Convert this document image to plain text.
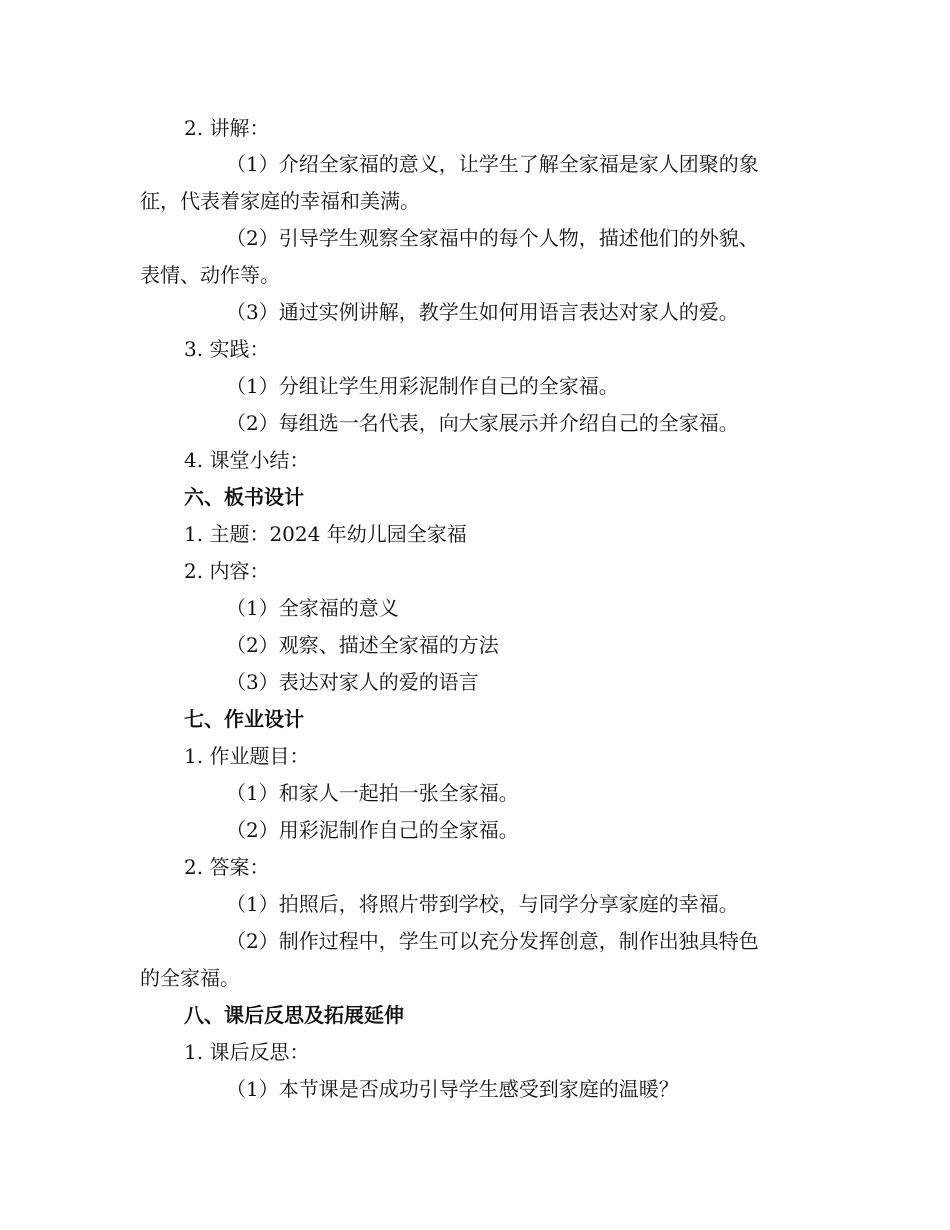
2. 讲解：
（1）介绍全家福的意义，让学生了解全家福是家人团聚的象
征，代表着家庭的幸福和美满。
（2）引导学生观察全家福中的每个人物，描述他们的外貌、
表情、动作等。
（3）通过实例讲解，教学生如何用语言表达对家人的爱。
3. 实践：
（1）分组让学生用彩泥制作自己的全家福。
（2）每组选一名代表，向大家展示并介绍自己的全家福。
4. 课堂小结：
六、板书设计
1. 主题：2024 年幼儿园全家福
2. 内容：
（1）全家福的意义
（2）观察、描述全家福的方法
（3）表达对家人的爱的语言
七、作业设计
1. 作业题目：
（1）和家人一起拍一张全家福。
（2）用彩泥制作自己的全家福。
2. 答案：
（1）拍照后，将照片带到学校，与同学分享家庭的幸福。
（2）制作过程中，学生可以充分发挥创意，制作出独具特色
的全家福。
八、课后反思及拓展延伸
1. 课后反思：
（1）本节课是否成功引导学生感受到家庭的温暖？
